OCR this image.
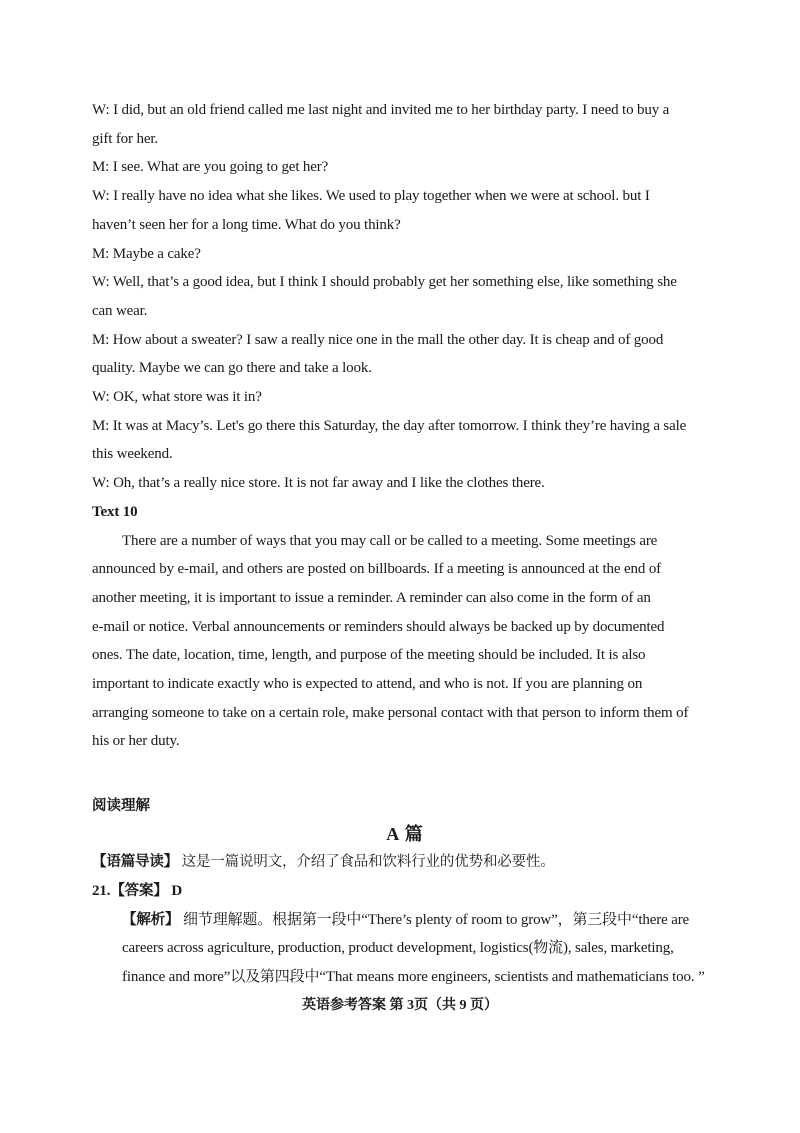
W: I did, but an old friend called me last night and invited me to her birthday party. I need to buy a
gift for her.
M: I see. What are you going to get her?
W: I really have no idea what she likes. We used to play together when we were at school. but I
haven’t seen her for a long time. What do you think?
M: Maybe a cake?
W: Well, that’s a good idea, but I think I should probably get her something else, like something she
can wear.
M: How about a sweater? I saw a really nice one in the mall the other day. It is cheap and of good
quality. Maybe we can go there and take a look.
W: OK, what store was it in?
M: It was at Macy’s. Let's go there this Saturday, the day after tomorrow. I think they’re having a sale
this weekend.
W: Oh, that’s a really nice store. It is not far away and I like the clothes there.
Text 10
There are a number of ways that you may call or be called to a meeting. Some meetings are
announced by e-mail, and others are posted on billboards. If a meeting is announced at the end of
another meeting, it is important to issue a reminder. A reminder can also come in the form of an
e-mail or notice. Verbal announcements or reminders should always be backed up by documented
ones. The date, location, time, length, and purpose of the meeting should be included. It is also
important to indicate exactly who is expected to attend, and who is not. If you are planning on
arranging someone to take on a certain role, make personal contact with that person to inform them of
his or her duty.
阅读理解
A 篇
【语篇导读】 这是一篇说明文，介绍了食品和饮料行业的优势和必要性。
21.【答案】 D
【解析】 细节理解题。根据第一段中“There’s plenty of room to grow”，第三段中“there are
careers across agriculture, production, product development, logistics(物流), sales, marketing,
finance and more”以及第四段中“That means more engineers, scientists and mathematicians too. ”
英语参考答案 第 3页（共 9 页）
